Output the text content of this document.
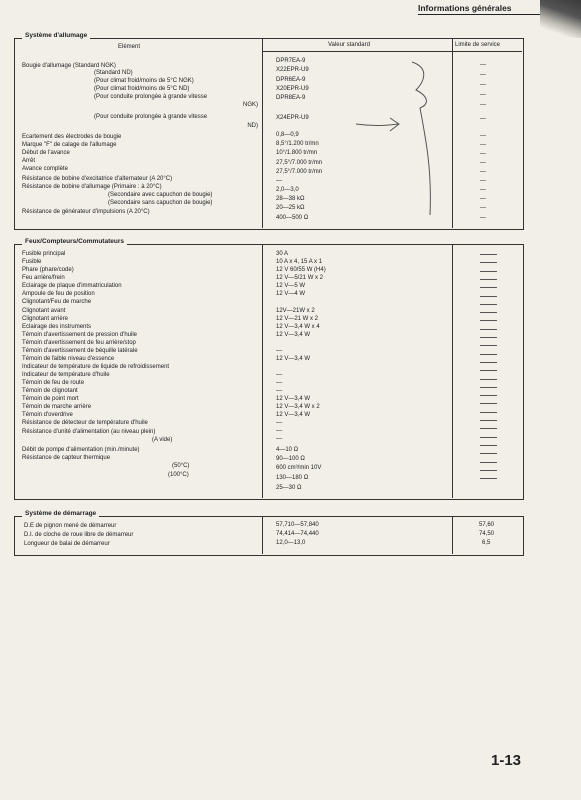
Informations générales
Système d'allumage
Elément	Valeur standard	Limite de service
Bougie d'allumage (Standard NGK)
(Standard ND)
(Pour climat froid/moins de 5°C NGK)
(Pour climat froid/moins de 5°C ND)
(Pour conduite prolongée à grande vitesse
NGK)
(Pour conduite prolongée à grande vitesse
ND)
Ecartement des électrodes de bougie
Marque "F" de calage de l'allumage
Début de l'avance
Arrêt
Avance complète
Résistance de bobine d'excitatrice d'alternateur (A 20°C)
Résistance de bobine d'allumage (Primaire : à 20°C)
(Secondaire avec capuchon de bougie)
(Secondaire sans capuchon de bougie)
Résistance de générateur d'impulsions (A 20°C)
DPR7EA-9
X22EPR-U9
DPR6EA-9
X20EPR-U9
DPR8EA-9
X24EPR-U9
0,8—0,9
8,5°/1.200 tr/mn
10°/1.800 tr/mn
27,5°/7.000 tr/mn
27,5°/7.000 tr/mn
—
2,0—3,0
28—38 kΩ
20—25 kΩ
400—500 Ω
—
—
—
—
—
—
—
—
—
—
—
—
—
—
—
—
Feux/Compteurs/Commutateurs
Fusible principal
Fusible
Phare (phare/code)
Feu arrière/frein
Eclairage de plaque d'immatriculation
Ampoule de feu de position
Clignotant/Feu de marche
Clignotant avant
Clignotant arrière
Eclairage des instruments
Témoin d'avertissement de pression d'huile
Témoin d'avertissement de feu arrière/stop
Témoin d'avertissement de béquille latérale
Témoin de faible niveau d'essence
Indicateur de température de liquide de refroidissement
Indicateur de température d'huile
Témoin de feu de route
Témoin de clignotant
Témoin de point mort
Témoin de marche arrière
Témoin d'overdrive
Résistance de détecteur de température d'huile
Résistance d'unité d'alimentation (au niveau plein)
(A vide)
Débit de pompe d'alimentation (min./minute)
Résistance de capteur thermique
(50°C)
(100°C)
30 A
10 A x 4, 15 A x 1
12 V 60/55 W (H4)
12 V—5/21 W x 2
12 V—5 W
12 V—4 W
12V—21W x 2
12 V—21 W x 2
12 V—3,4 W x 4
12 V—3,4 W
—
12 V—3,4 W
—
—
—
12 V—3,4 W
12 V—3,4 W x 2
12 V—3,4 W
—
—
—
4—10 Ω
90—100 Ω
600 cm³/min 10V
130—180 Ω
25—30 Ω
Système de démarrage
D.E de pignon mené de démarreur
D.I. de cloche de roue libre de démarreur
Longueur de balai de démarreur
57,710—57,840
74,414—74,440
12,0—13,0
57,60
74,50
6,5
1-13
